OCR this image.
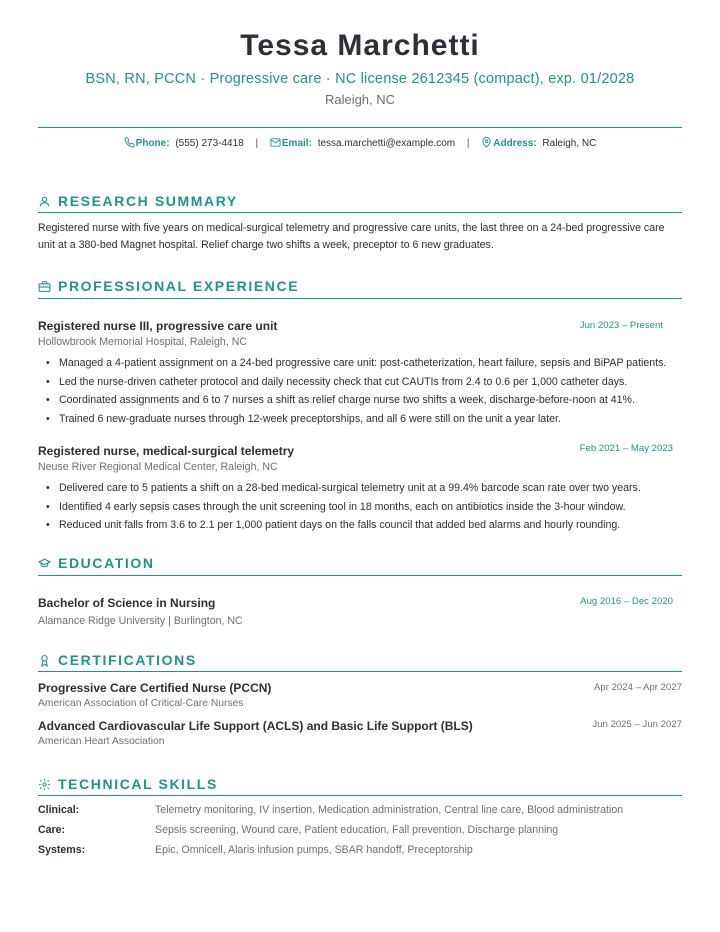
Tessa Marchetti
BSN, RN, PCCN · Progressive care · NC license 2612345 (compact), exp. 01/2028
Raleigh, NC
Phone: (555) 273-4418 | Email: tessa.marchetti@example.com | Address: Raleigh, NC
RESEARCH SUMMARY
Registered nurse with five years on medical-surgical telemetry and progressive care units, the last three on a 24-bed progressive care unit at a 380-bed Magnet hospital. Relief charge two shifts a week, preceptor to 6 new graduates.
PROFESSIONAL EXPERIENCE
Registered nurse III, progressive care unit	Jun 2023 – Present
Hollowbrook Memorial Hospital, Raleigh, NC
• Managed a 4-patient assignment on a 24-bed progressive care unit: post-catheterization, heart failure, sepsis and BiPAP patients.
• Led the nurse-driven catheter protocol and daily necessity check that cut CAUTIs from 2.4 to 0.6 per 1,000 catheter days.
• Coordinated assignments and 6 to 7 nurses a shift as relief charge nurse two shifts a week, discharge-before-noon at 41%.
• Trained 6 new-graduate nurses through 12-week preceptorships, and all 6 were still on the unit a year later.
Registered nurse, medical-surgical telemetry	Feb 2021 – May 2023
Neuse River Regional Medical Center, Raleigh, NC
• Delivered care to 5 patients a shift on a 28-bed medical-surgical telemetry unit at a 99.4% barcode scan rate over two years.
• Identified 4 early sepsis cases through the unit screening tool in 18 months, each on antibiotics inside the 3-hour window.
• Reduced unit falls from 3.6 to 2.1 per 1,000 patient days on the falls council that added bed alarms and hourly rounding.
EDUCATION
Bachelor of Science in Nursing	Aug 2016 – Dec 2020
Alamance Ridge University | Burlington, NC
CERTIFICATIONS
Progressive Care Certified Nurse (PCCN)	Apr 2024 – Apr 2027
American Association of Critical-Care Nurses
Advanced Cardiovascular Life Support (ACLS) and Basic Life Support (BLS)	Jun 2025 – Jun 2027
American Heart Association
TECHNICAL SKILLS
Clinical:	Telemetry monitoring, IV insertion, Medication administration, Central line care, Blood administration
Care:	Sepsis screening, Wound care, Patient education, Fall prevention, Discharge planning
Systems:	Epic, Omnicell, Alaris infusion pumps, SBAR handoff, Preceptorship
